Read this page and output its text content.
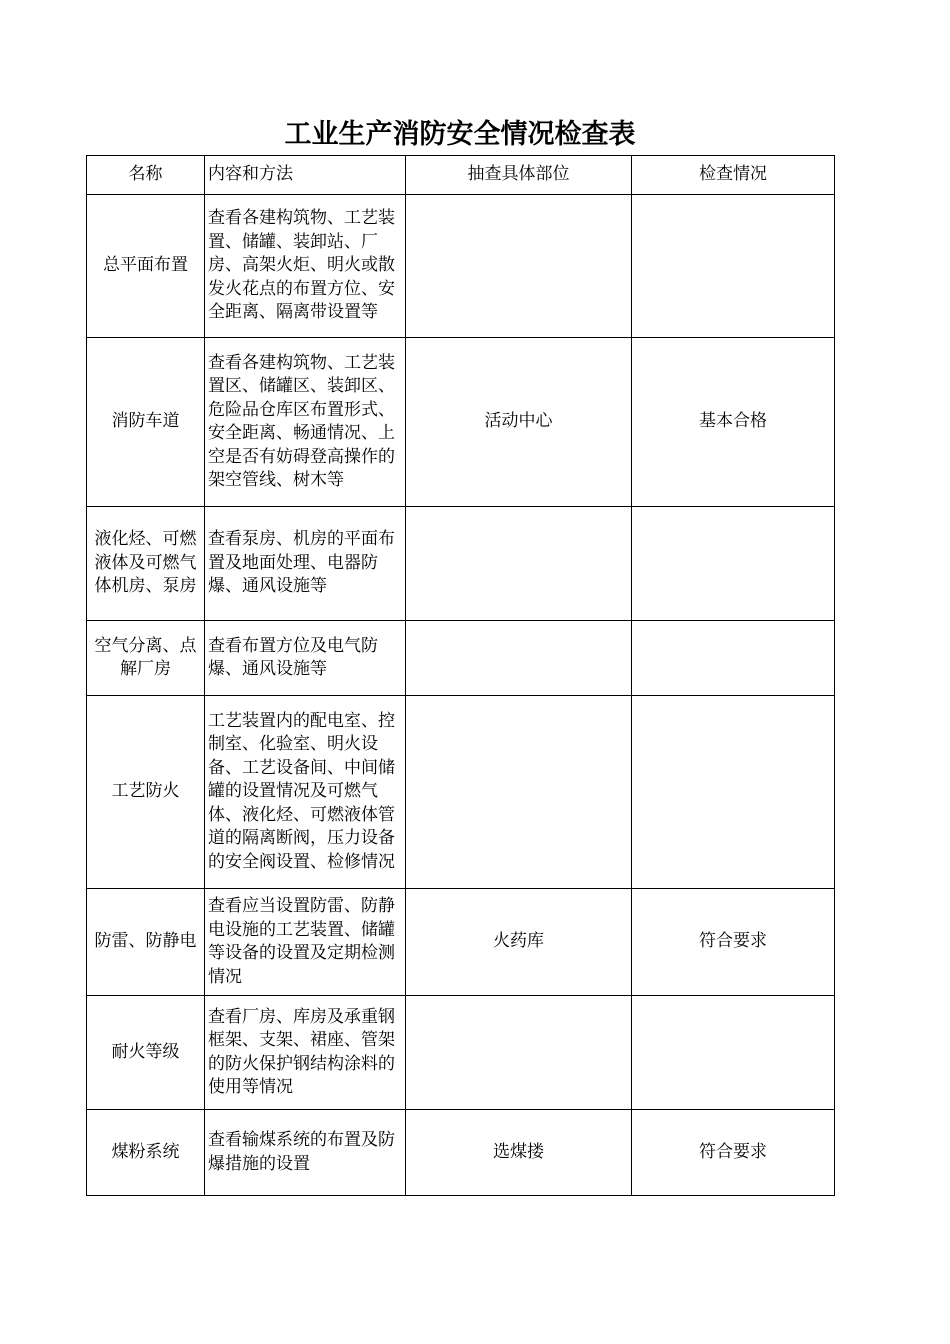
工业生产消防安全情况检查表
名称	内容和方法	抽查具体部位	检查情况
总平面布置	查看各建构筑物、工艺装置、储罐、装卸站、厂房、高架火炬、明火或散发火花点的布置方位、安全距离、隔离带设置等		
消防车道	查看各建构筑物、工艺装置区、储罐区、装卸区、危险品仓库区布置形式、安全距离、畅通情况、上空是否有妨碍登高操作的架空管线、树木等	活动中心	基本合格
液化烃、可燃液体及可燃气体机房、泵房	查看泵房、机房的平面布置及地面处理、电器防爆、通风设施等		
空气分离、点解厂房	查看布置方位及电气防爆、通风设施等		
工艺防火	工艺装置内的配电室、控制室、化验室、明火设备、工艺设备间、中间储罐的设置情况及可燃气体、液化烃、可燃液体管道的隔离断阀，压力设备的安全阀设置、检修情况		
防雷、防静电	查看应当设置防雷、防静电设施的工艺装置、储罐等设备的设置及定期检测情况	火药库	符合要求
耐火等级	查看厂房、库房及承重钢框架、支架、裙座、管架的防火保护钢结构涂料的使用等情况		
煤粉系统	查看输煤系统的布置及防爆措施的设置	选煤搂	符合要求
